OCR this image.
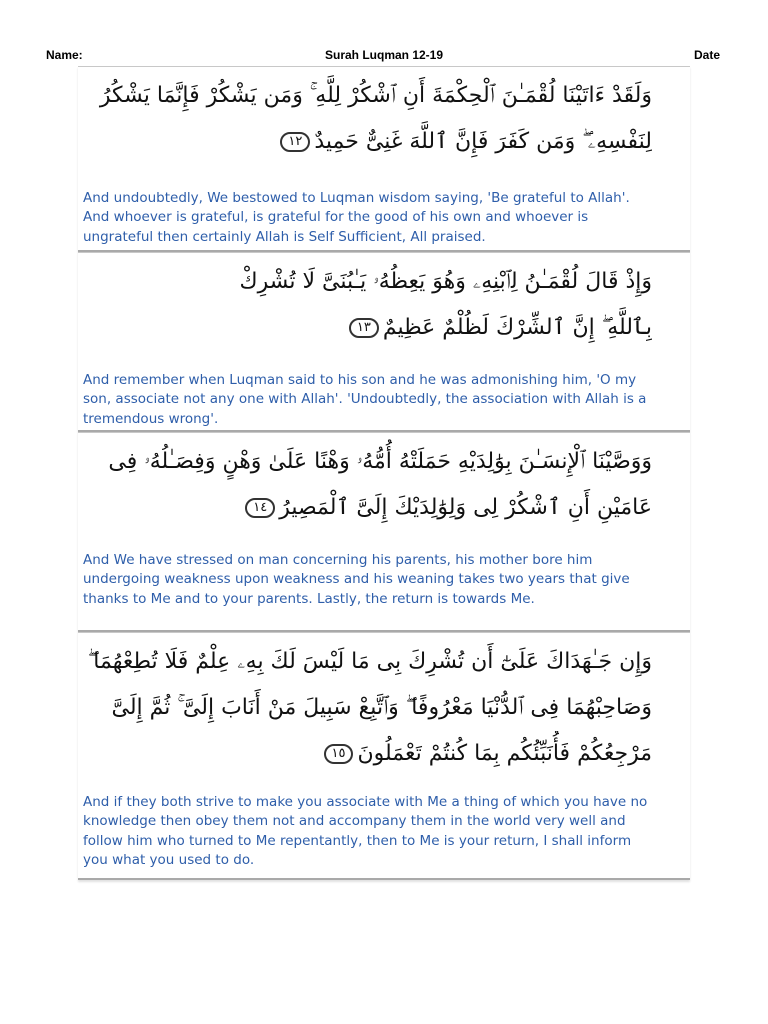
Name:	Surah Luqman 12-19	Date
وَلَقَدْ ءَاتَيْنَا لُقْمَـٰنَ ٱلْحِكْمَةَ أَنِ ٱشْكُرْ لِلَّهِ ۚ وَمَن يَشْكُرْ فَإِنَّمَا يَشْكُرُ
لِنَفْسِهِۦ ۖ وَمَن كَفَرَ فَإِنَّ ٱللَّهَ غَنِىٌّ حَمِيدٌ١٢
And undoubtedly, We bestowed to Luqman wisdom saying, 'Be grateful to Allah'. And whoever is grateful, is grateful for the good of his own and whoever is ungrateful then certainly Allah is Self Sufficient, All praised.
وَإِذْ قَالَ لُقْمَـٰنُ لِٱبْنِهِۦ وَهُوَ يَعِظُهُۥ يَـٰبُنَىَّ لَا تُشْرِكْ
بِٱللَّهِ ۖ إِنَّ ٱلشِّرْكَ لَظُلْمٌ عَظِيمٌ١٣
And remember when Luqman said to his son and he was admonishing him, 'O my son, associate not any one with Allah'. 'Undoubtedly, the association with Allah is a tremendous wrong'.
وَوَصَّيْنَا ٱلْإِنسَـٰنَ بِوَٰلِدَيْهِ حَمَلَتْهُ أُمُّهُۥ وَهْنًا عَلَىٰ وَهْنٍ وَفِصَـٰلُهُۥ فِى
عَامَيْنِ أَنِ ٱشْكُرْ لِى وَلِوَٰلِدَيْكَ إِلَىَّ ٱلْمَصِيرُ١٤
And We have stressed on man concerning his parents, his mother bore him undergoing weakness upon weakness and his weaning takes two years that give thanks to Me and to your parents. Lastly, the return is towards Me.
وَإِن جَـٰهَدَاكَ عَلَىٰٓ أَن تُشْرِكَ بِى مَا لَيْسَ لَكَ بِهِۦ عِلْمٌ فَلَا تُطِعْهُمَا ۖ
وَصَاحِبْهُمَا فِى ٱلدُّنْيَا مَعْرُوفًا ۖ وَٱتَّبِعْ سَبِيلَ مَنْ أَنَابَ إِلَىَّ ۚ ثُمَّ إِلَىَّ
مَرْجِعُكُمْ فَأُنَبِّئُكُم بِمَا كُنتُمْ تَعْمَلُونَ١٥
And if they both strive to make you associate with Me a thing of which you have no knowledge then obey them not and accompany them in the world very well and follow him who turned to Me repentantly, then to Me is your return, I shall inform you what you used to do.
